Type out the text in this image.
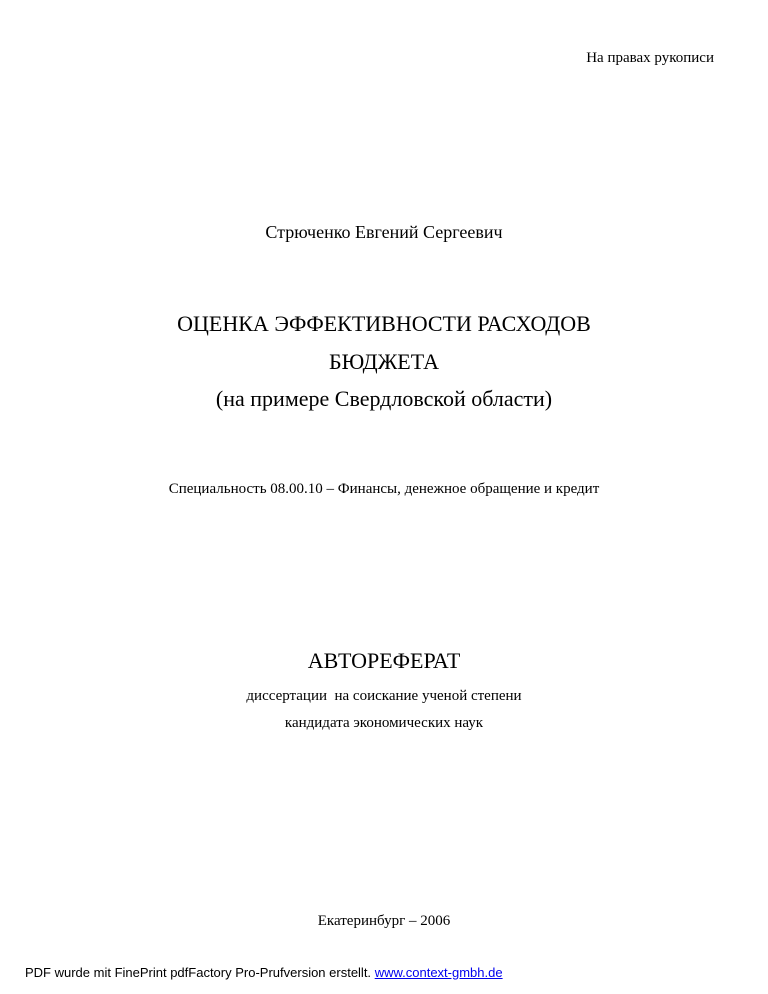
На правах рукописи
Стрюченко Евгений Сергеевич
ОЦЕНКА ЭФФЕКТИВНОСТИ РАСХОДОВ
БЮДЖЕТА
(на примере Свердловской области)
Специальность 08.00.10 – Финансы, денежное обращение и кредит
АВТОРЕФЕРАТ
диссертации  на соискание ученой степени
кандидата экономических наук
Екатеринбург – 2006
PDF wurde mit FinePrint pdfFactory Pro-Prufversion erstellt. www.context-gmbh.de
